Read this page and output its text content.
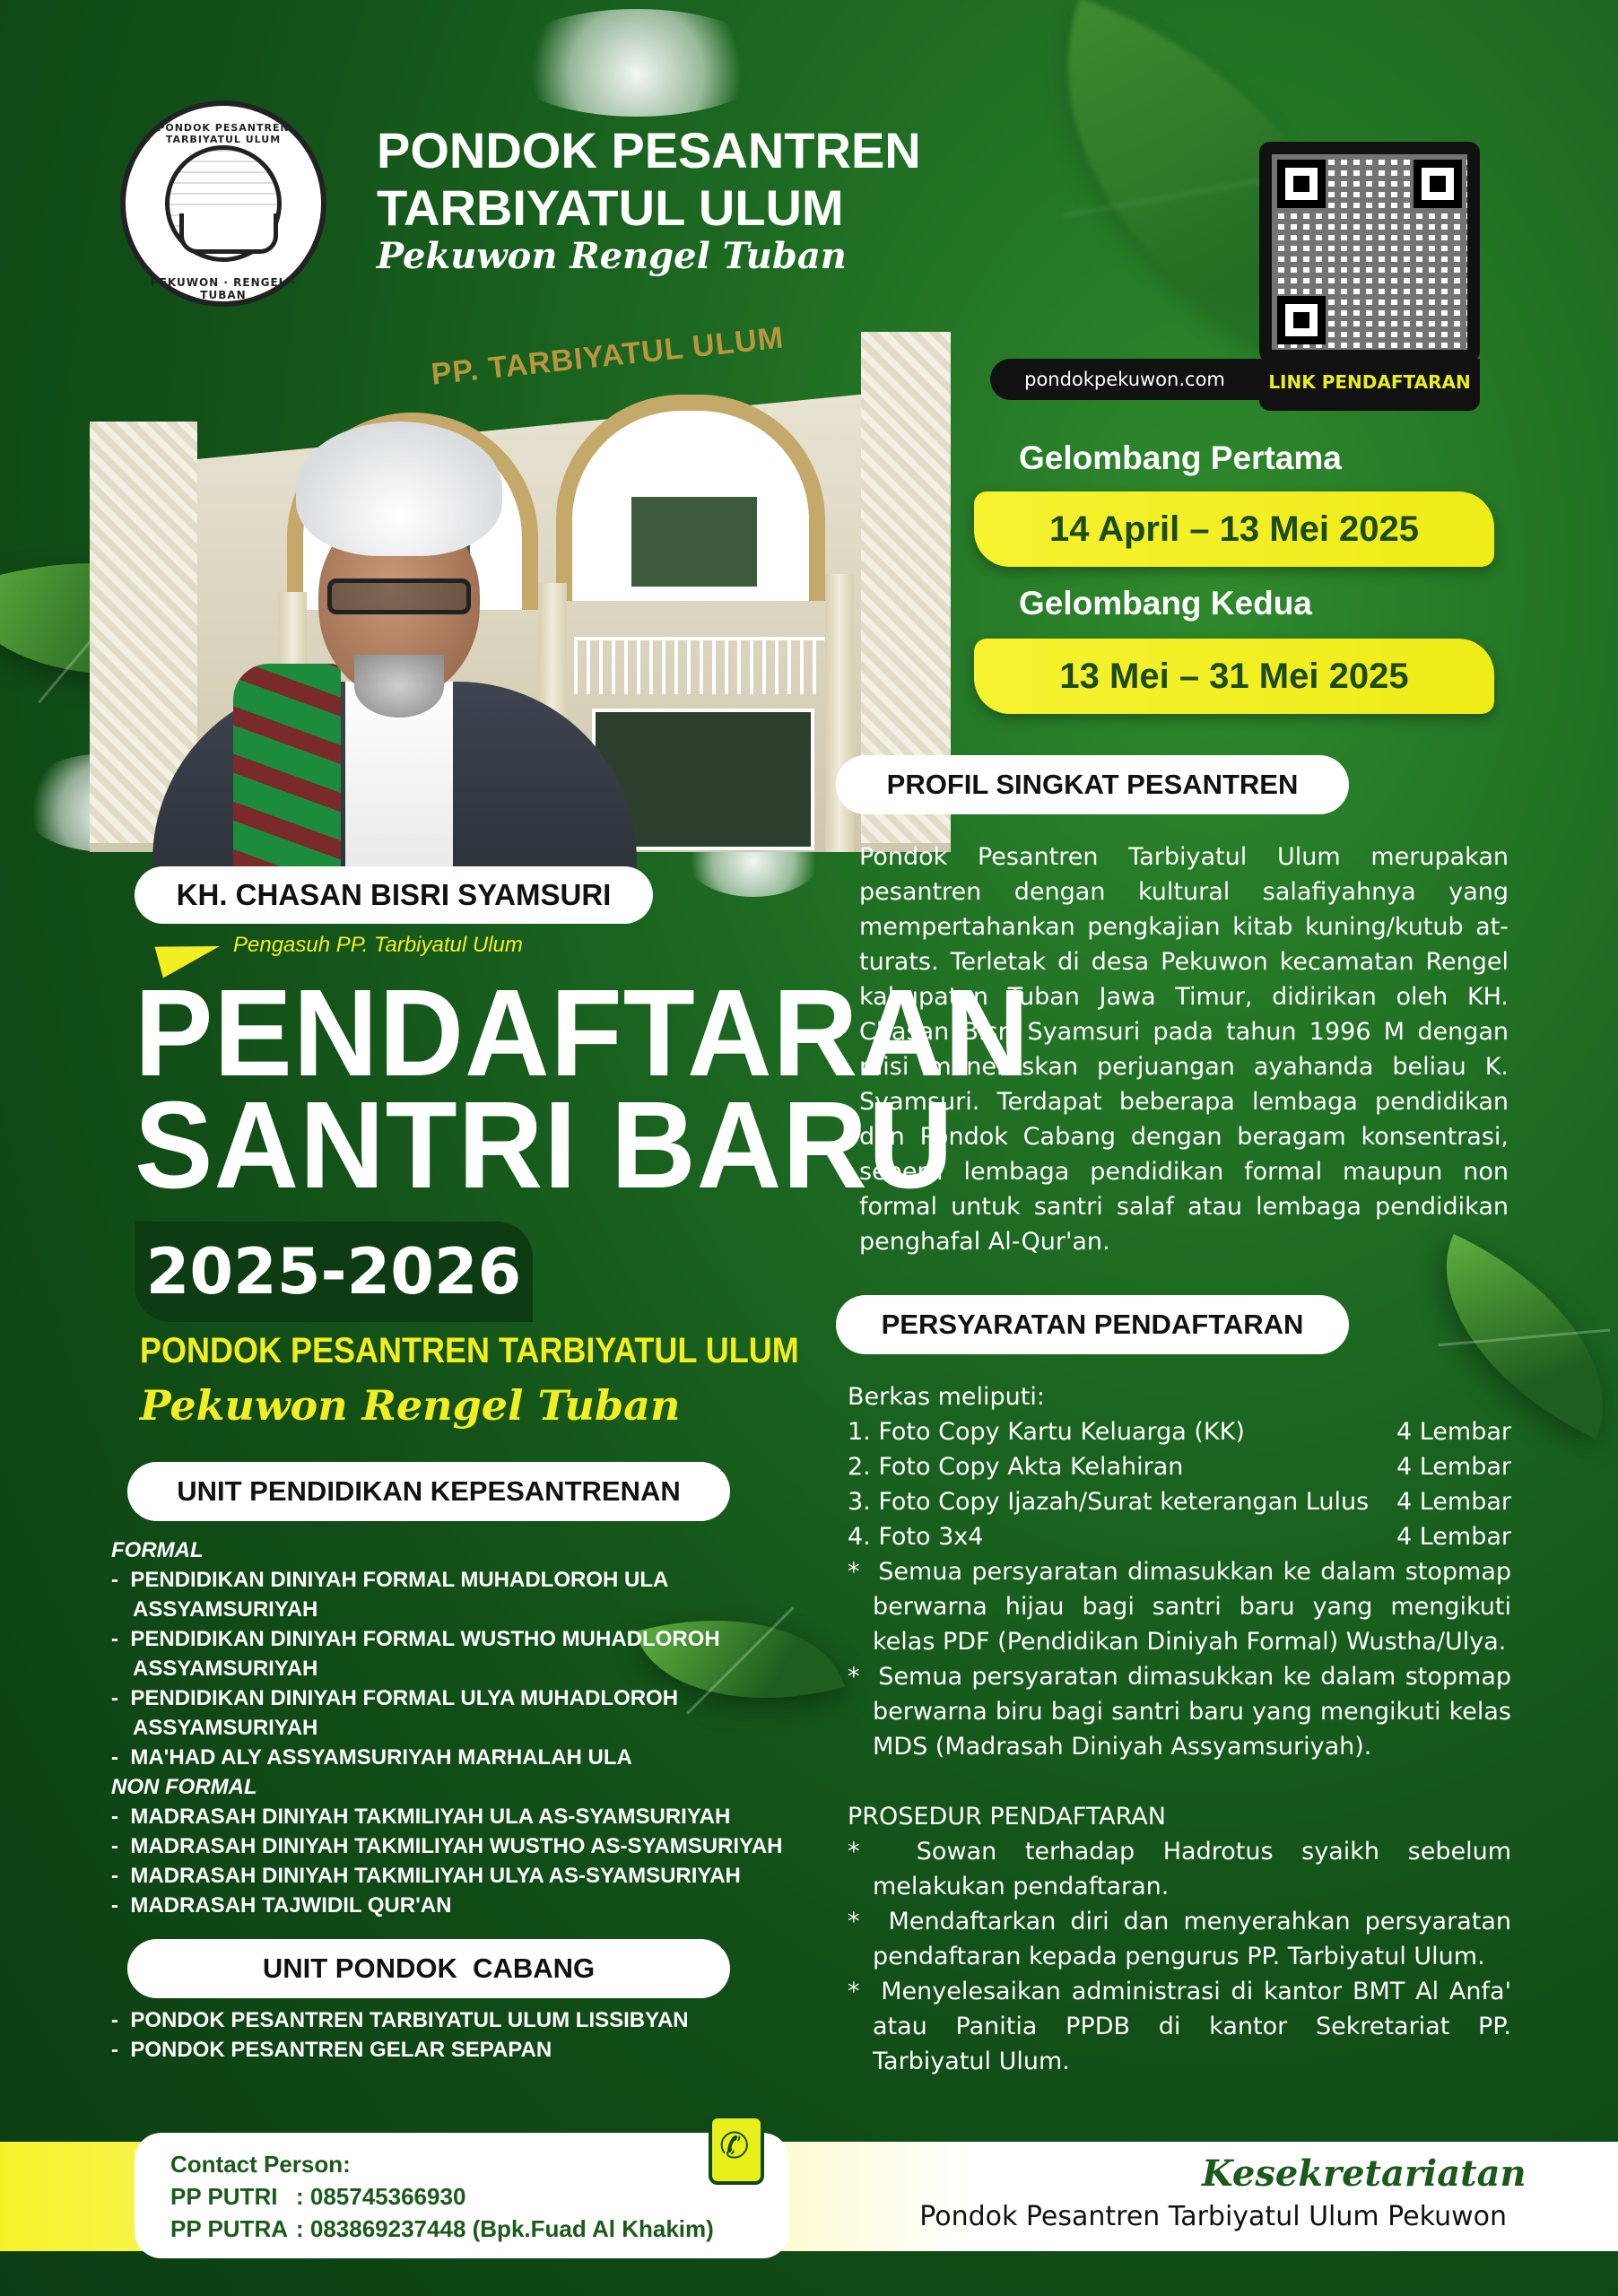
PONDOK PESANTREN TARBIYATUL ULUM
PEKUWON · RENGEL · TUBAN
PONDOK PESANTREN
TARBIYATUL ULUM
Pekuwon Rengel Tuban
pondokpekuwon.com	LINK PENDAFTARAN
Gelombang Pertama
14 April – 13 Mei 2025
Gelombang Kedua
13 Mei – 31 Mei 2025
PP. TARBIYATUL ULUM
KH. CHASAN BISRI SYAMSURI
Pengasuh PP. Tarbiyatul Ulum
PENDAFTARAN
SANTRI BARU
2025-2026
PONDOK PESANTREN TARBIYATUL ULUM
Pekuwon Rengel Tuban
UNIT PENDIDIKAN KEPESANTRENAN
FORMAL
-  PENDIDIKAN DINIYAH FORMAL MUHADLOROH ULA ASSYAMSURIYAH
-  PENDIDIKAN DINIYAH FORMAL WUSTHO MUHADLOROH ASSYAMSURIYAH
-  PENDIDIKAN DINIYAH FORMAL ULYA MUHADLOROH ASSYAMSURIYAH
-  MA'HAD ALY ASSYAMSURIYAH MARHALAH ULA
NON FORMAL
-  MADRASAH DINIYAH TAKMILIYAH ULA AS-SYAMSURIYAH
-  MADRASAH DINIYAH TAKMILIYAH WUSTHO AS-SYAMSURIYAH
-  MADRASAH DINIYAH TAKMILIYAH ULYA AS-SYAMSURIYAH
-  MADRASAH TAJWIDIL QUR'AN
UNIT PONDOK  CABANG
-  PONDOK PESANTREN TARBIYATUL ULUM LISSIBYAN
-  PONDOK PESANTREN GELAR SEPAPAN
PROFIL SINGKAT PESANTREN
Pondok Pesantren Tarbiyatul Ulum merupakan pesantren dengan kultural salafiyahnya yang mempertahankan pengkajian kitab kuning/kutub at-turats. Terletak di desa Pekuwon kecamatan Rengel kabupaten Tuban Jawa Timur, didirikan oleh KH. Chasan Bisri Syamsuri pada tahun 1996 M dengan misi meneruskan perjuangan ayahanda beliau K. Syamsuri. Terdapat beberapa lembaga pendidikan dan Pondok Cabang dengan beragam konsentrasi, seperti lembaga pendidikan formal maupun non formal untuk santri salaf atau lembaga pendidikan penghafal Al-Qur'an.
PERSYARATAN PENDAFTARAN
Berkas meliputi:
1. Foto Copy Kartu Keluarga (KK)	4 Lembar
2. Foto Copy Akta Kelahiran	4 Lembar
3. Foto Copy Ijazah/Surat keterangan Lulus 4 Lembar
4. Foto 3x4	4 Lembar
*  Semua persyaratan dimasukkan ke dalam stopmap berwarna hijau bagi santri baru yang mengikuti kelas PDF (Pendidikan Diniyah Formal) Wustha/Ulya.
*  Semua persyaratan dimasukkan ke dalam stopmap berwarna biru bagi santri baru yang mengikuti kelas MDS (Madrasah Diniyah Assyamsuriyah).
PROSEDUR PENDAFTARAN
*  Sowan terhadap Hadrotus syaikh sebelum melakukan pendaftaran.
*  Mendaftarkan diri dan menyerahkan persyaratan pendaftaran kepada pengurus PP. Tarbiyatul Ulum.
*  Menyelesaikan administrasi di kantor BMT Al Anfa' atau Panitia PPDB di kantor Sekretariat PP. Tarbiyatul Ulum.
Contact Person:
PP PUTRI : 085745366930
PP PUTRA : 083869237448 (Bpk.Fuad Al Khakim)
✆
Kesekretariatan
Pondok Pesantren Tarbiyatul Ulum Pekuwon
